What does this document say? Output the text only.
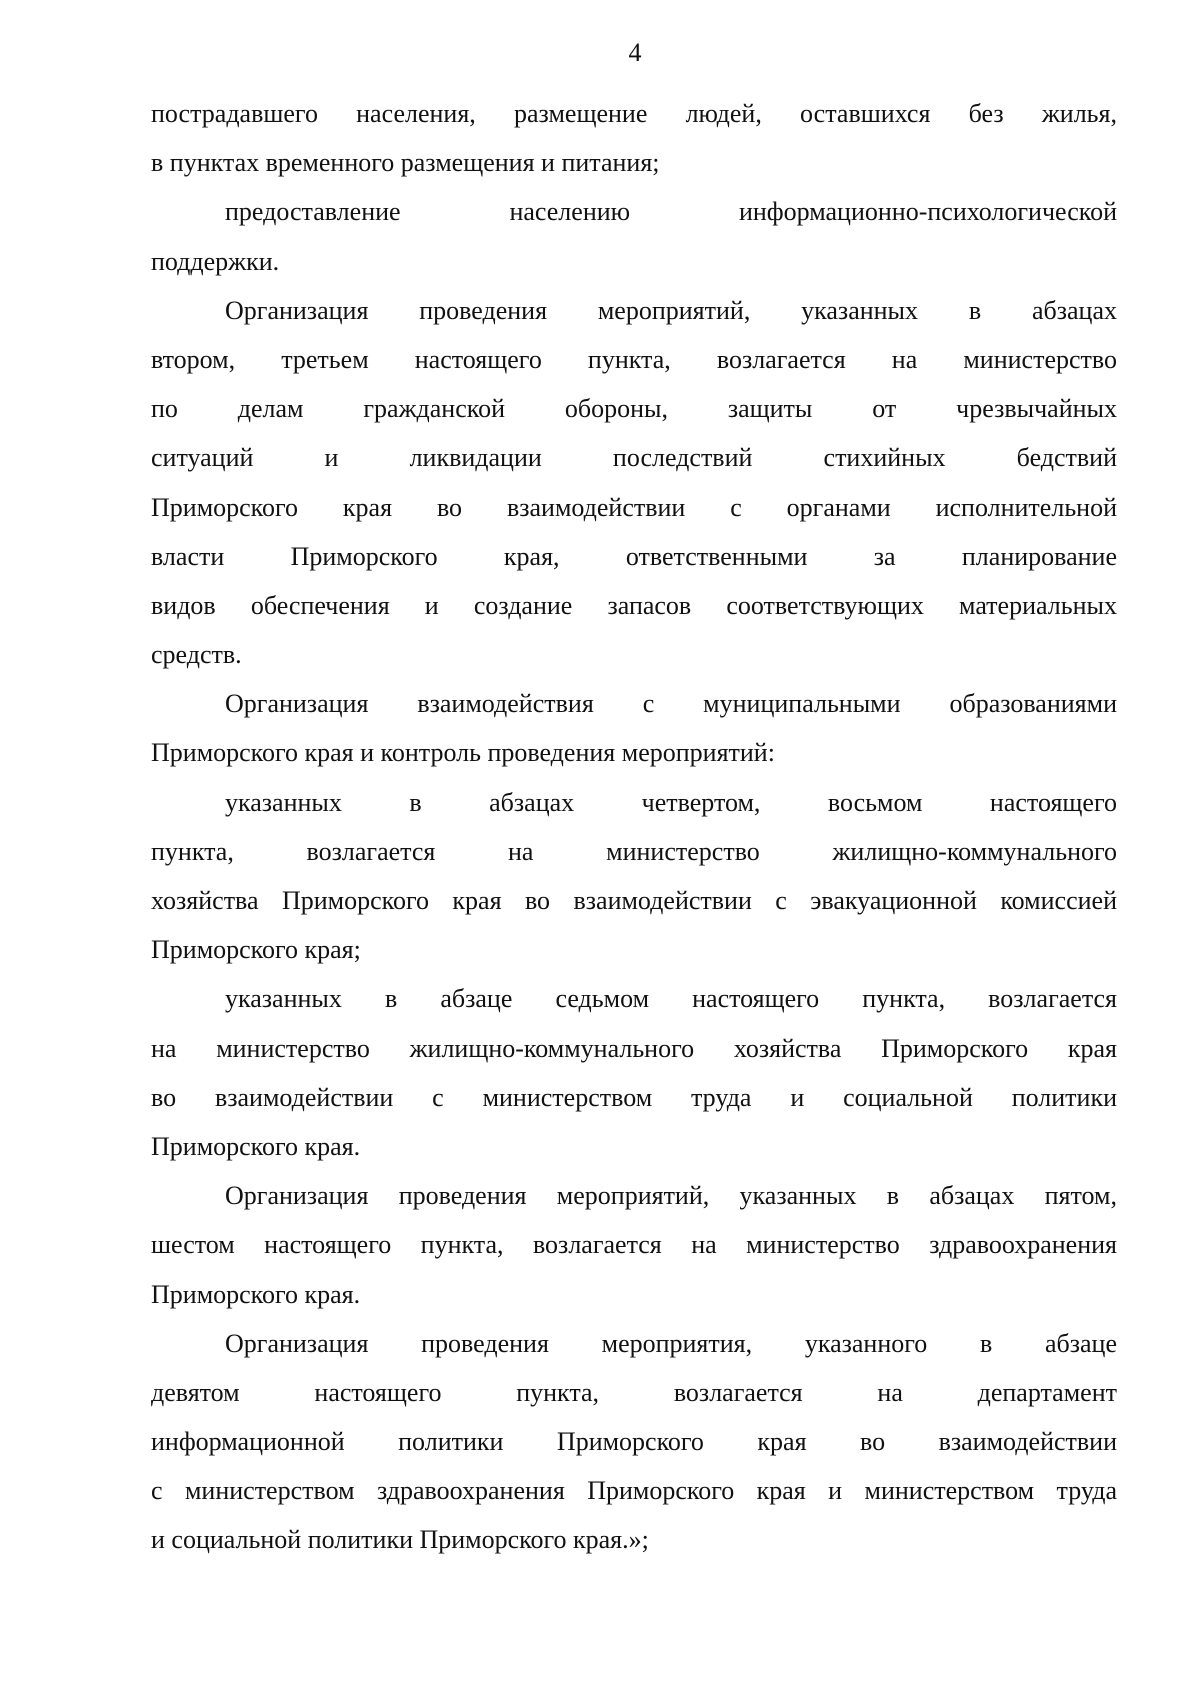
4
пострадавшего населения, размещение людей, оставшихся без жилья,
в пунктах временного размещения и питания;
предоставление населению информационно-психологической
поддержки.
Организация проведения мероприятий, указанных в абзацах
втором, третьем настоящего пункта, возлагается на министерство
по делам гражданской обороны, защиты от чрезвычайных
ситуаций и ликвидации последствий стихийных бедствий
Приморского края во взаимодействии с органами исполнительной
власти Приморского края, ответственными за планирование
видов обеспечения и создание запасов соответствующих материальных
средств.
Организация взаимодействия с муниципальными образованиями
Приморского края и контроль проведения мероприятий:
указанных в абзацах четвертом, восьмом настоящего
пункта, возлагается на министерство жилищно-коммунального
хозяйства Приморского края во взаимодействии с эвакуационной комиссией
Приморского края;
указанных в абзаце седьмом настоящего пункта, возлагается
на министерство жилищно-коммунального хозяйства Приморского края
во взаимодействии с министерством труда и социальной политики
Приморского края.
Организация проведения мероприятий, указанных в абзацах пятом,
шестом настоящего пункта, возлагается на министерство здравоохранения
Приморского края.
Организация проведения мероприятия, указанного в абзаце
девятом настоящего пункта, возлагается на департамент
информационной политики Приморского края во взаимодействии
с министерством здравоохранения Приморского края и министерством труда
и социальной политики Приморского края.»;
